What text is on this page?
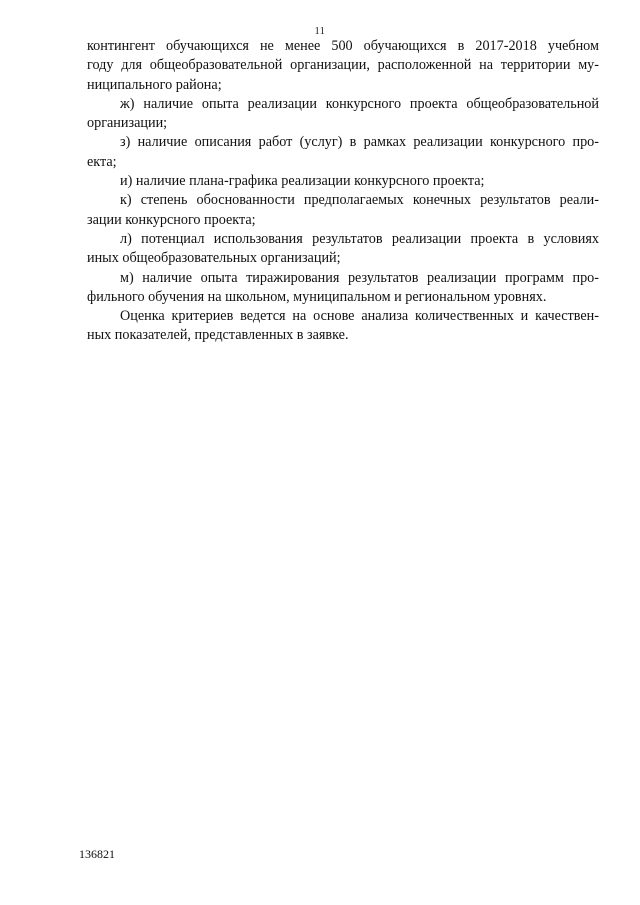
11
контингент обучающихся не менее 500 обучающихся в 2017-2018 учебном
году для общеобразовательной организации, расположенной на территории му-
ниципального района;
ж) наличие опыта реализации конкурсного проекта общеобразовательной
организации;
з) наличие описания работ (услуг) в рамках реализации конкурсного про-
екта;
и) наличие плана-графика реализации конкурсного проекта;
к) степень обоснованности предполагаемых конечных результатов реали-
зации конкурсного проекта;
л) потенциал использования результатов реализации проекта в условиях
иных общеобразовательных организаций;
м) наличие опыта тиражирования результатов реализации программ про-
фильного обучения на школьном, муниципальном и региональном уровнях.
Оценка критериев ведется на основе анализа количественных и качествен-
ных показателей, представленных в заявке.
136821
